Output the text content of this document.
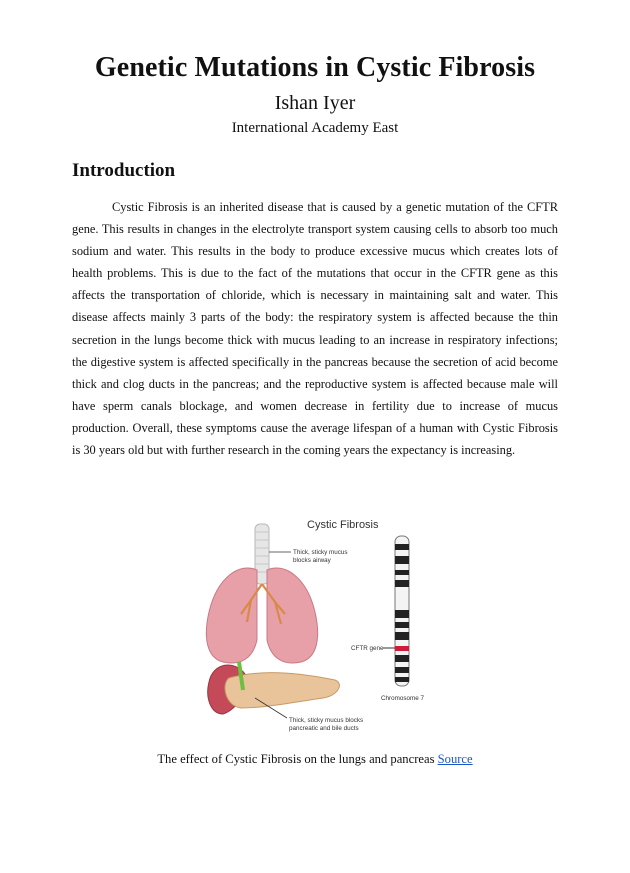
Genetic Mutations in Cystic Fibrosis
Ishan Iyer
International Academy East
Introduction

Cystic Fibrosis is an inherited disease that is caused by a genetic mutation of the CFTR gene. This results in changes in the electrolyte transport system causing cells to absorb too much sodium and water. This results in the body to produce excessive mucus which creates lots of health problems. This is due to the fact of the mutations that occur in the CFTR gene as this affects the transportation of chloride, which is necessary in maintaining salt and water. This disease affects mainly 3 parts of the body: the respiratory system is affected because the thin secretion in the lungs become thick with mucus leading to an increase in respiratory infections; the digestive system is affected specifically in the pancreas because the secretion of acid become thick and clog ducts in the pancreas; and the reproductive system is affected because male will have sperm canals blockage, and women decrease in fertility due to increase of mucus production. Overall, these symptoms cause the average lifespan of a human with Cystic Fibrosis is 30 years old but with further research in the coming years the expectancy is increasing.

Cystic Fibrosis
Thick, sticky mucus
blocks airway
CFTR gene
Chromosome 7
Thick, sticky mucus blocks
pancreatic and bile ducts
The effect of Cystic Fibrosis on the lungs and pancreas Source
